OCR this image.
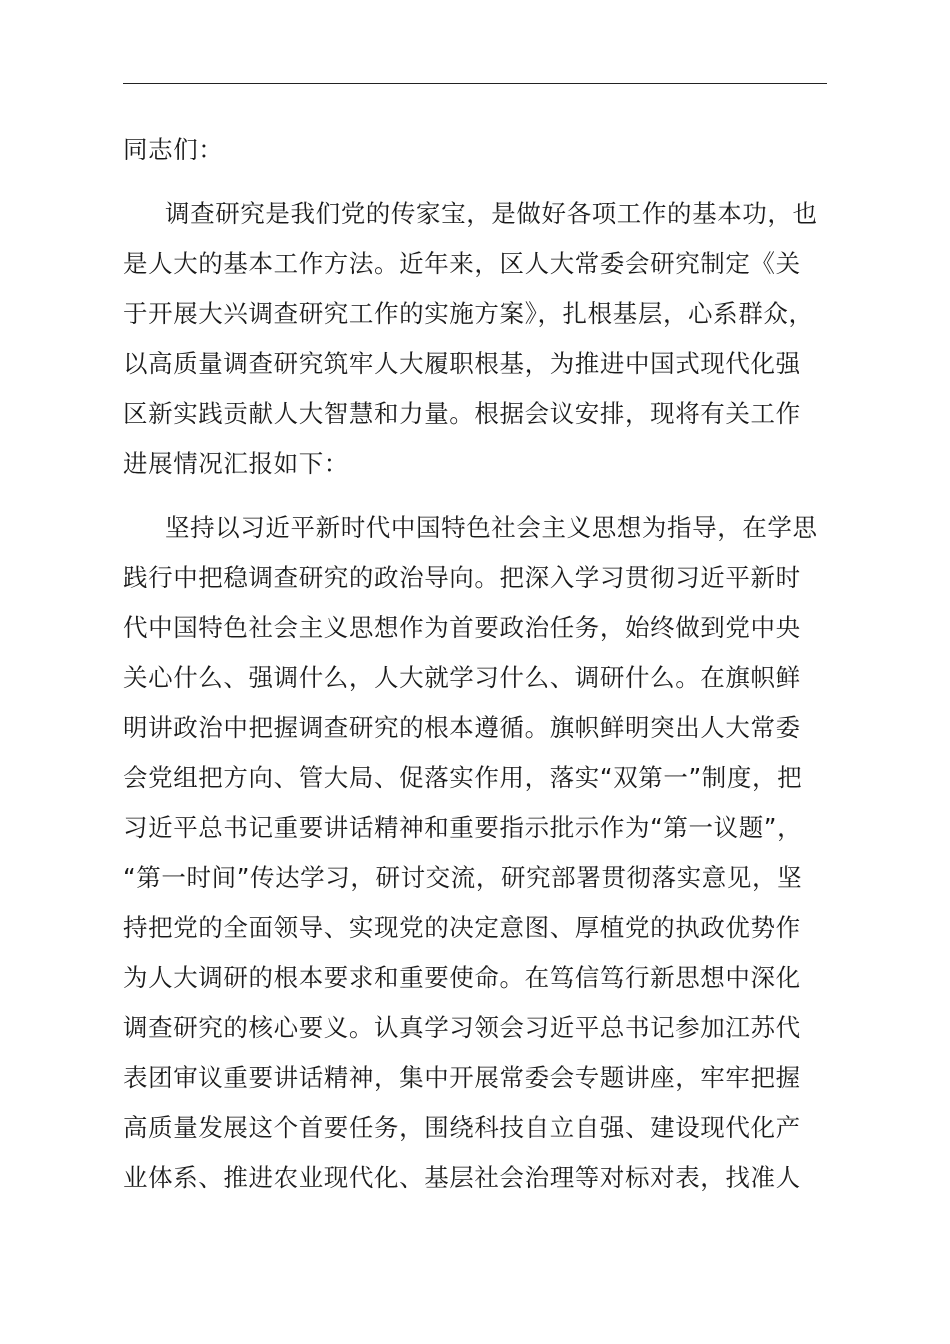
同志们：
调查研究是我们党的传家宝，是做好各项工作的基本功，也
是人大的基本工作方法。近年来，区人大常委会研究制定《关
于开展大兴调查研究工作的实施方案》，扎根基层，心系群众，
以高质量调查研究筑牢人大履职根基，为推进中国式现代化强
区新实践贡献人大智慧和力量。根据会议安排，现将有关工作
进展情况汇报如下：
坚持以习近平新时代中国特色社会主义思想为指导，在学思
践行中把稳调查研究的政治导向。把深入学习贯彻习近平新时
代中国特色社会主义思想作为首要政治任务，始终做到党中央
关心什么、强调什么，人大就学习什么、调研什么。在旗帜鲜
明讲政治中把握调查研究的根本遵循。旗帜鲜明突出人大常委
会党组把方向、管大局、促落实作用，落实“双第一”制度，把
习近平总书记重要讲话精神和重要指示批示作为“第一议题”，
“第一时间”传达学习，研讨交流，研究部署贯彻落实意见，坚
持把党的全面领导、实现党的决定意图、厚植党的执政优势作
为人大调研的根本要求和重要使命。在笃信笃行新思想中深化
调查研究的核心要义。认真学习领会习近平总书记参加江苏代
表团审议重要讲话精神，集中开展常委会专题讲座，牢牢把握
高质量发展这个首要任务，围绕科技自立自强、建设现代化产
业体系、推进农业现代化、基层社会治理等对标对表，找准人
